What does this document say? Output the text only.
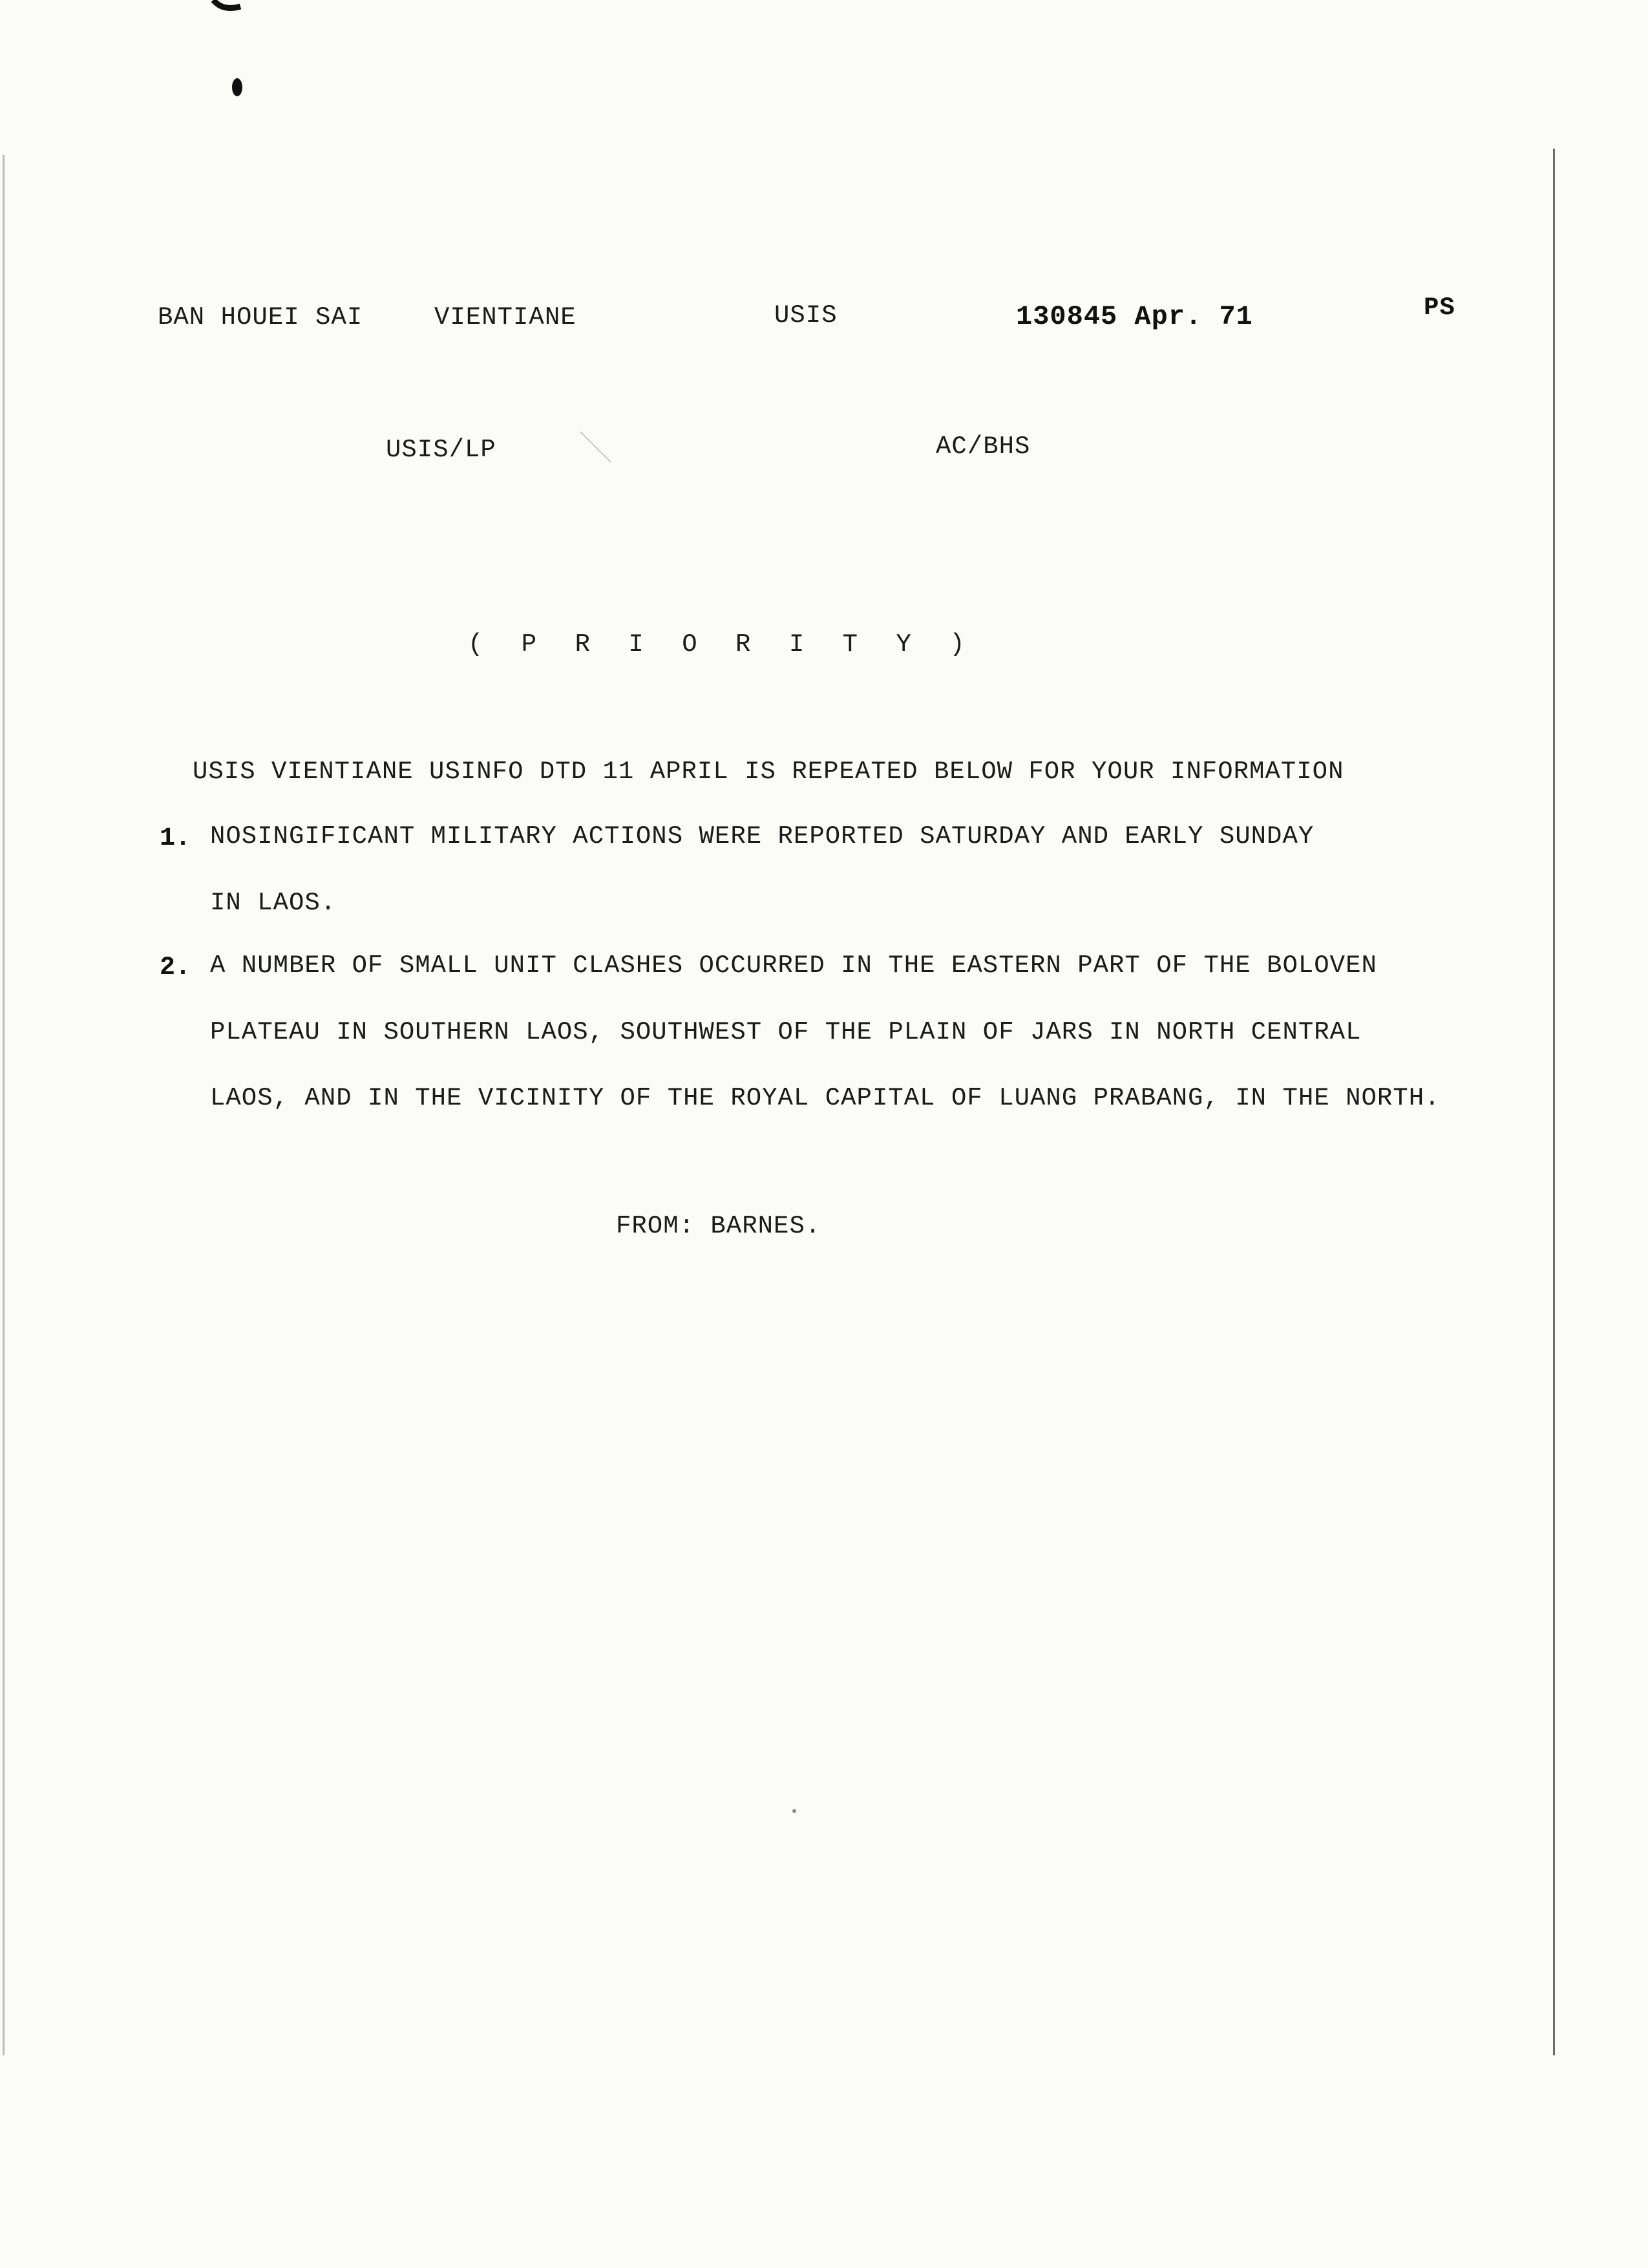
BAN HOUEI SAI	VIENTIANE	USIS	130845 Apr. 71	PS
USIS/LP	AC/BHS
( P R I O R I T Y )
USIS VIENTIANE USINFO DTD 11 APRIL IS REPEATED BELOW FOR YOUR INFORMATION
1. NOSINGIFICANT MILITARY ACTIONS WERE REPORTED SATURDAY AND EARLY SUNDAY
IN LAOS.
2. A NUMBER OF SMALL UNIT CLASHES OCCURRED IN THE EASTERN PART OF THE BOLOVEN
PLATEAU IN SOUTHERN LAOS, SOUTHWEST OF THE PLAIN OF JARS IN NORTH CENTRAL
LAOS, AND IN THE VICINITY OF THE ROYAL CAPITAL OF LUANG PRABANG, IN THE NORTH.
FROM: BARNES.
